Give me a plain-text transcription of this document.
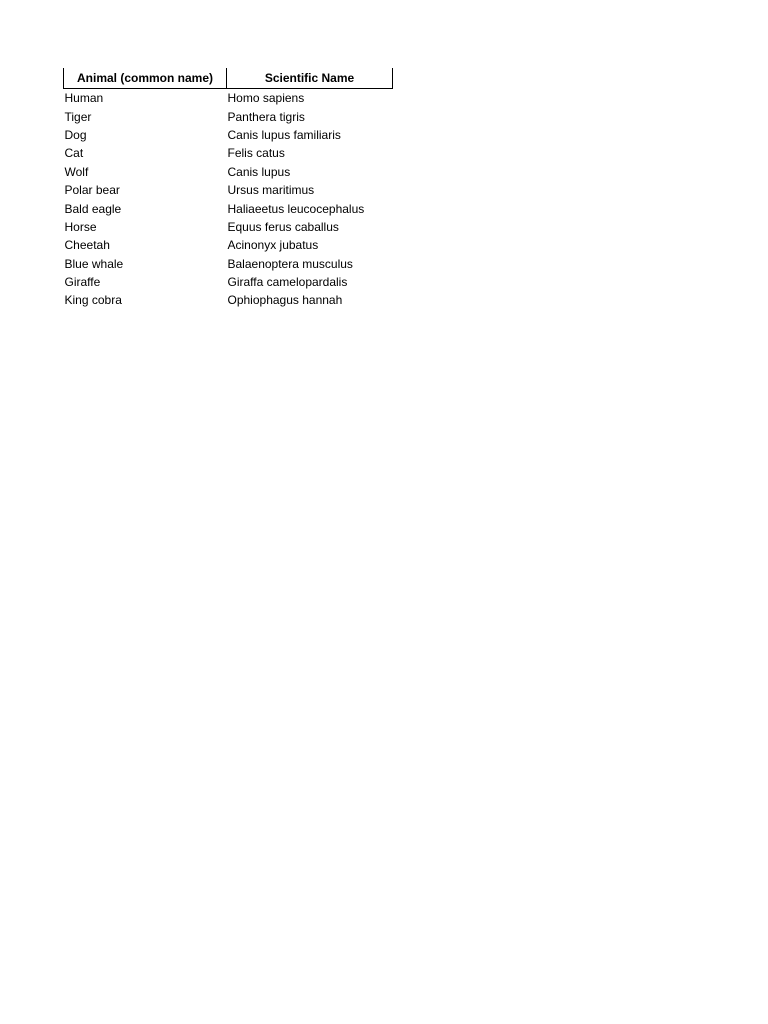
Animal (common name)	Scientific Name
Human	Homo sapiens
Tiger	Panthera tigris
Dog	Canis lupus familiaris
Cat	Felis catus
Wolf	Canis lupus
Polar bear	Ursus maritimus
Bald eagle	Haliaeetus leucocephalus
Horse	Equus ferus caballus
Cheetah	Acinonyx jubatus
Blue whale	Balaenoptera musculus
Giraffe	Giraffa camelopardalis
King cobra	Ophiophagus hannah
